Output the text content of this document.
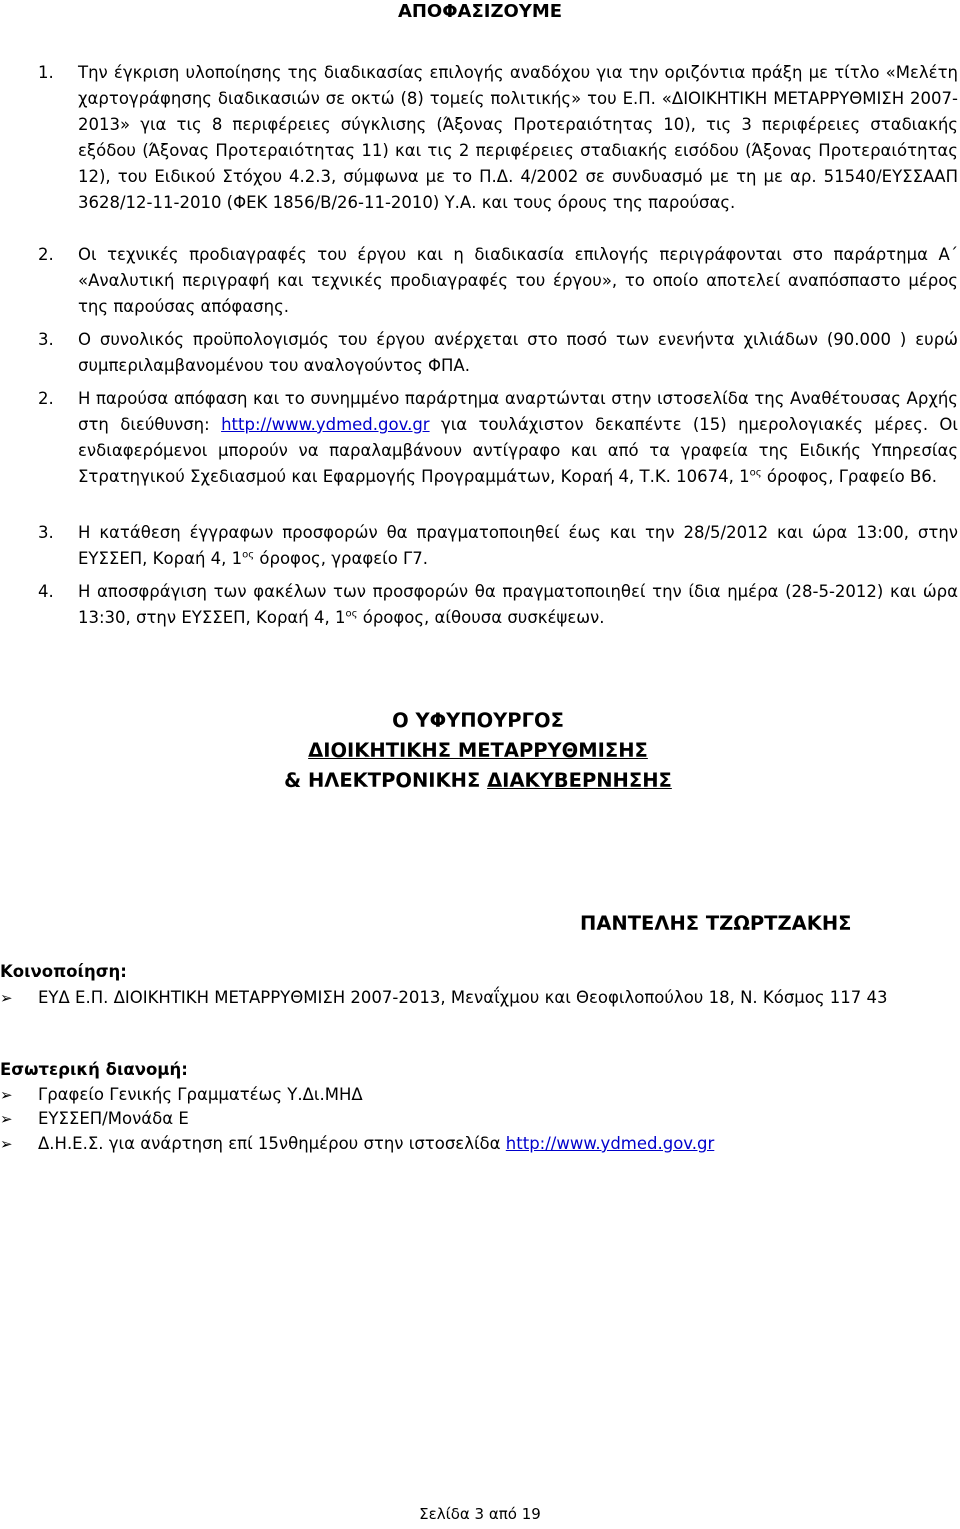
ΑΠΟΦΑΣΙΖΟΥΜΕ
1.	Την έγκριση υλοποίησης της διαδικασίας επιλογής αναδόχου για την οριζόντια πράξη με τίτλο «Μελέτη χαρτογράφησης διαδικασιών σε οκτώ (8) τομείς πολιτικής» του Ε.Π. «ΔΙΟΙΚΗΤΙΚΗ ΜΕΤΑΡΡΥΘΜΙΣΗ 2007-2013» για τις 8 περιφέρειες σύγκλισης (Άξονας Προτεραιότητας 10), τις 3 περιφέρειες σταδιακής εξόδου (Άξονας Προτεραιότητας 11) και τις 2 περιφέρειες σταδιακής εισόδου (Άξονας Προτεραιότητας 12), του Ειδικού Στόχου 4.2.3, σύμφωνα με το Π.Δ. 4/2002 σε συνδυασμό με τη με αρ. 51540/ΕΥΣΣΑΑΠ 3628/12-11-2010 (ΦΕΚ 1856/Β/26-11-2010) Υ.Α. και τους όρους της παρούσας.
2.	Οι τεχνικές προδιαγραφές του έργου και η διαδικασία επιλογής περιγράφονται στο παράρτημα Α΄ «Αναλυτική περιγραφή και τεχνικές προδιαγραφές του έργου», το οποίο αποτελεί αναπόσπαστο μέρος της παρούσας απόφασης.
3.	Ο συνολικός προϋπολογισμός του έργου ανέρχεται στο ποσό των ενενήντα χιλιάδων (90.000 ) ευρώ συμπεριλαμβανομένου του αναλογούντος ΦΠΑ.
2.	Η παρούσα απόφαση και το συνημμένο παράρτημα αναρτώνται στην ιστοσελίδα της Αναθέτουσας Αρχής στη διεύθυνση: http://www.ydmed.gov.gr για τουλάχιστον δεκαπέντε (15) ημερολογιακές μέρες. Οι ενδιαφερόμενοι μπορούν να παραλαμβάνουν αντίγραφο και από τα γραφεία της Ειδικής Υπηρεσίας Στρατηγικού Σχεδιασμού και Εφαρμογής Προγραμμάτων, Κοραή 4, Τ.Κ. 10674, $1^{o\varsigma}$ όροφος, Γραφείο Β6.
3.	Η κατάθεση έγγραφων προσφορών θα πραγματοποιηθεί έως και την 28/5/2012 και ώρα 13:00, στην ΕΥΣΣΕΠ, Κοραή 4, $1^{o\varsigma}$ όροφος, γραφείο Γ7.
4.	Η αποσφράγιση των φακέλων των προσφορών θα πραγματοποιηθεί την ίδια ημέρα (28-5-2012) και ώρα 13:30, στην ΕΥΣΣΕΠ, Κοραή 4, $1^{o\varsigma}$ όροφος, αίθουσα συσκέψεων.
Ο ΥΦΥΠΟΥΡΓΟΣ
ΔΙΟΙΚΗΤΙΚΗΣ ΜΕΤΑΡΡΥΘΜΙΣΗΣ
& ΗΛΕΚΤΡΟΝΙΚΗΣ ΔΙΑΚΥΒΕΡΝΗΣΗΣ
ΠΑΝΤΕΛΗΣ ΤΖΩΡΤΖΑΚΗΣ
Κοινοποίηση:
➢	ΕΥΔ Ε.Π. ΔΙΟΙΚΗΤΙΚΗ ΜΕΤΑΡΡΥΘΜΙΣΗ 2007-2013, Μεναΐχμου και Θεοφιλοπούλου 18, Ν. Κόσμος 117 43
Εσωτερική διανομή:
➢	Γραφείο Γενικής Γραμματέως Υ.Δι.ΜΗΔ
➢	ΕΥΣΣΕΠ/Μονάδα Ε
➢	Δ.Η.Ε.Σ. για ανάρτηση επί 15νθημέρου στην ιστοσελίδα http://www.ydmed.gov.gr
Σελίδα 3 από 19
